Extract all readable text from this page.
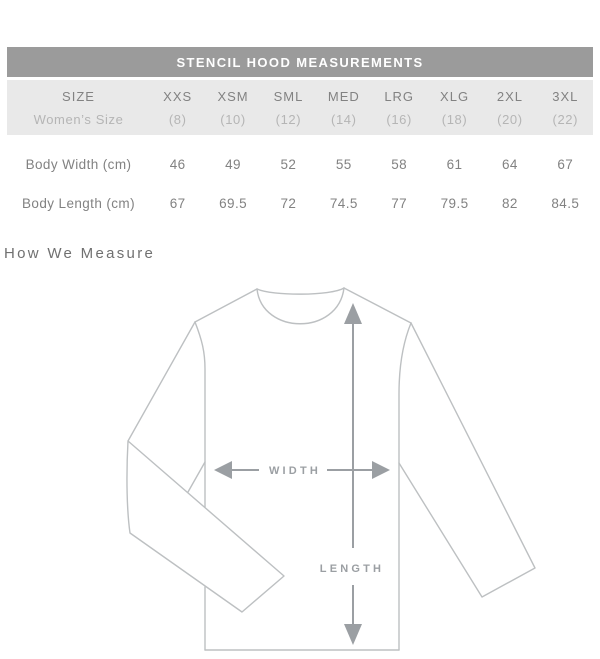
STENCIL HOOD MEASUREMENTS
SIZE	XXS	XSM	SML	MED	LRG	XLG	2XL	3XL
Women’s Size	(8)	(10)	(12)	(14)	(16)	(18)	(20)	(22)
Body Width (cm)	46	49	52	55	58	61	64	67
Body Length (cm)	67	69.5	72	74.5	77	79.5	82	84.5
How We Measure
WIDTH
LENGTH
